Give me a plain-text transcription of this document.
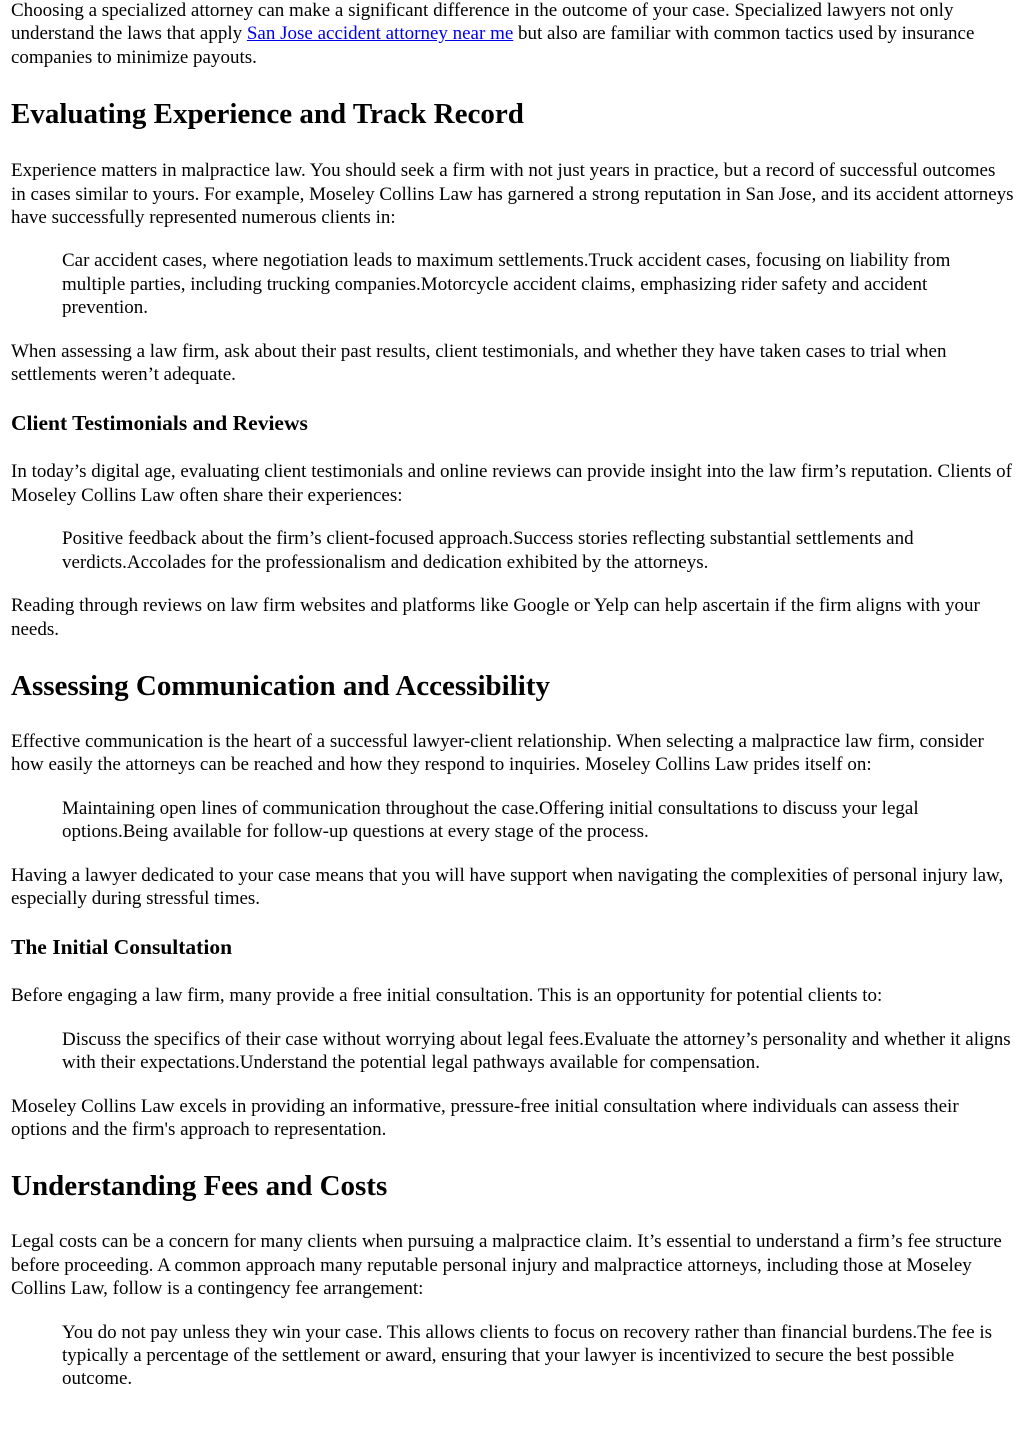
Choosing a specialized attorney can make a significant difference in the outcome of your case. Specialized lawyers not only understand the laws that apply San Jose accident attorney near me but also are familiar with common tactics used by insurance companies to minimize payouts.

Evaluating Experience and Track Record

Experience matters in malpractice law. You should seek a firm with not just years in practice, but a record of successful outcomes in cases similar to yours. For example, Moseley Collins Law has garnered a strong reputation in San Jose, and its accident attorneys have successfully represented numerous clients in:

Car accident cases, where negotiation leads to maximum settlements.Truck accident cases, focusing on liability from multiple parties, including trucking companies.Motorcycle accident claims, emphasizing rider safety and accident prevention.

When assessing a law firm, ask about their past results, client testimonials, and whether they have taken cases to trial when settlements weren’t adequate.

Client Testimonials and Reviews

In today’s digital age, evaluating client testimonials and online reviews can provide insight into the law firm’s reputation. Clients of Moseley Collins Law often share their experiences:

Positive feedback about the firm’s client-focused approach.Success stories reflecting substantial settlements and verdicts.Accolades for the professionalism and dedication exhibited by the attorneys.

Reading through reviews on law firm websites and platforms like Google or Yelp can help ascertain if the firm aligns with your needs.

Assessing Communication and Accessibility

Effective communication is the heart of a successful lawyer-client relationship. When selecting a malpractice law firm, consider how easily the attorneys can be reached and how they respond to inquiries. Moseley Collins Law prides itself on:

Maintaining open lines of communication throughout the case.Offering initial consultations to discuss your legal options.Being available for follow-up questions at every stage of the process.

Having a lawyer dedicated to your case means that you will have support when navigating the complexities of personal injury law, especially during stressful times.

The Initial Consultation

Before engaging a law firm, many provide a free initial consultation. This is an opportunity for potential clients to:

Discuss the specifics of their case without worrying about legal fees.Evaluate the attorney’s personality and whether it aligns with their expectations.Understand the potential legal pathways available for compensation.

Moseley Collins Law excels in providing an informative, pressure-free initial consultation where individuals can assess their options and the firm's approach to representation.

Understanding Fees and Costs

Legal costs can be a concern for many clients when pursuing a malpractice claim. It’s essential to understand a firm’s fee structure before proceeding. A common approach many reputable personal injury and malpractice attorneys, including those at Moseley Collins Law, follow is a contingency fee arrangement:

You do not pay unless they win your case. This allows clients to focus on recovery rather than financial burdens.The fee is typically a percentage of the settlement or award, ensuring that your lawyer is incentivized to secure the best possible outcome.
